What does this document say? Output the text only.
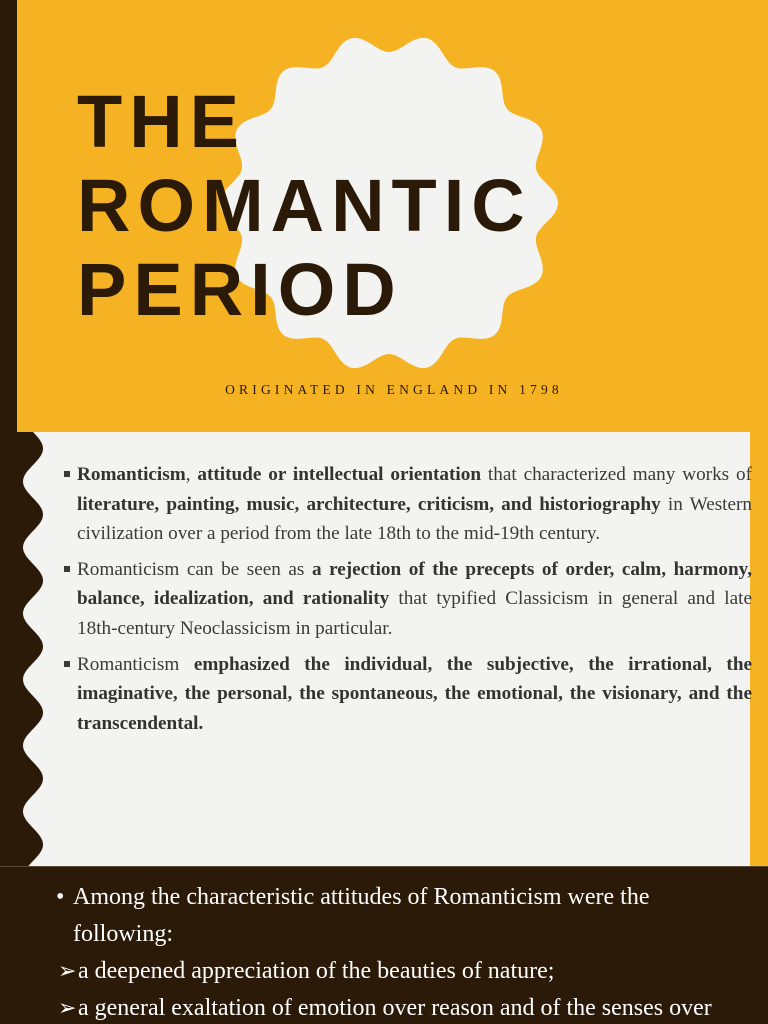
THE
ROMANTIC
PERIOD
ORIGINATED IN ENGLAND IN 1798
Romanticism, attitude or intellectual orientation that characterized many works of literature, painting, music, architecture, criticism, and historiography in Western civilization over a period from the late 18th to the mid-19th century.
Romanticism can be seen as a rejection of the precepts of order, calm, harmony, balance, idealization, and rationality that typified Classicism in general and late 18th-century Neoclassicism in particular.
Romanticism emphasized the individual, the subjective, the irrational, the imaginative, the personal, the spontaneous, the emotional, the visionary, and the transcendental.
• Among the characteristic attitudes of Romanticism were the
following:
➢ a deepened appreciation of the beauties of nature;
➢ a general exaltation of emotion over reason and of the senses over
